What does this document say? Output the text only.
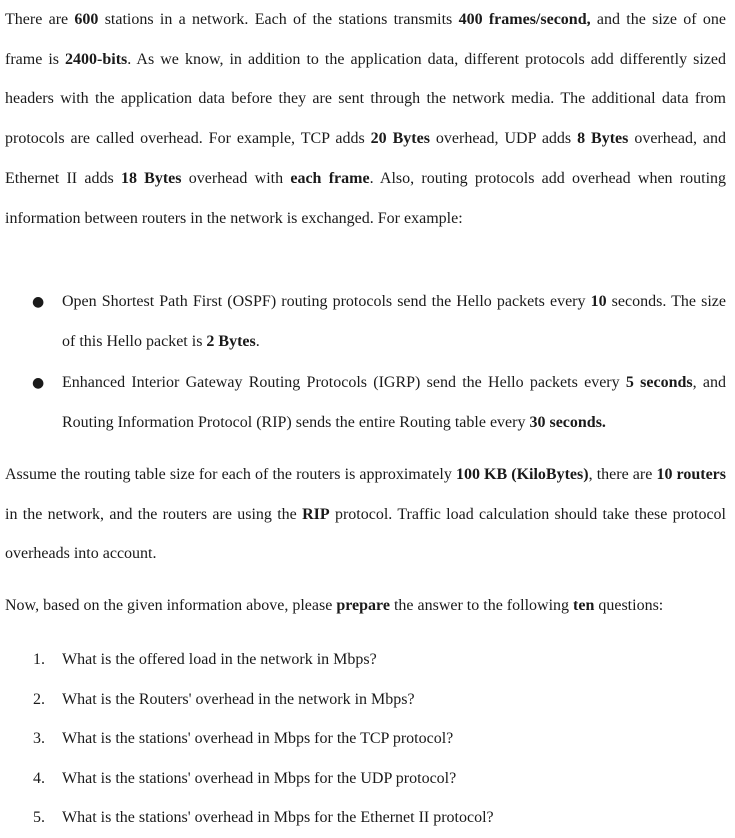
There are 600 stations in a network. Each of the stations transmits 400 frames/second, and the size of one frame is 2400-bits. As we know, in addition to the application data, different protocols add differently sized headers with the application data before they are sent through the network media. The additional data from protocols are called overhead. For example, TCP adds 20 Bytes overhead, UDP adds 8 Bytes overhead, and Ethernet II adds 18 Bytes overhead with each frame. Also, routing protocols add overhead when routing information between routers in the network is exchanged. For example:

● Open Shortest Path First (OSPF) routing protocols send the Hello packets every 10 seconds. The size of this Hello packet is 2 Bytes.
● Enhanced Interior Gateway Routing Protocols (IGRP) send the Hello packets every 5 seconds, and Routing Information Protocol (RIP) sends the entire Routing table every 30 seconds.

Assume the routing table size for each of the routers is approximately 100 KB (KiloBytes), there are 10 routers in the network, and the routers are using the RIP protocol. Traffic load calculation should take these protocol overheads into account.

Now, based on the given information above, please prepare the answer to the following ten questions:

1. What is the offered load in the network in Mbps?
2. What is the Routers' overhead in the network in Mbps?
3. What is the stations' overhead in Mbps for the TCP protocol?
4. What is the stations' overhead in Mbps for the UDP protocol?
5. What is the stations' overhead in Mbps for the Ethernet II protocol?
